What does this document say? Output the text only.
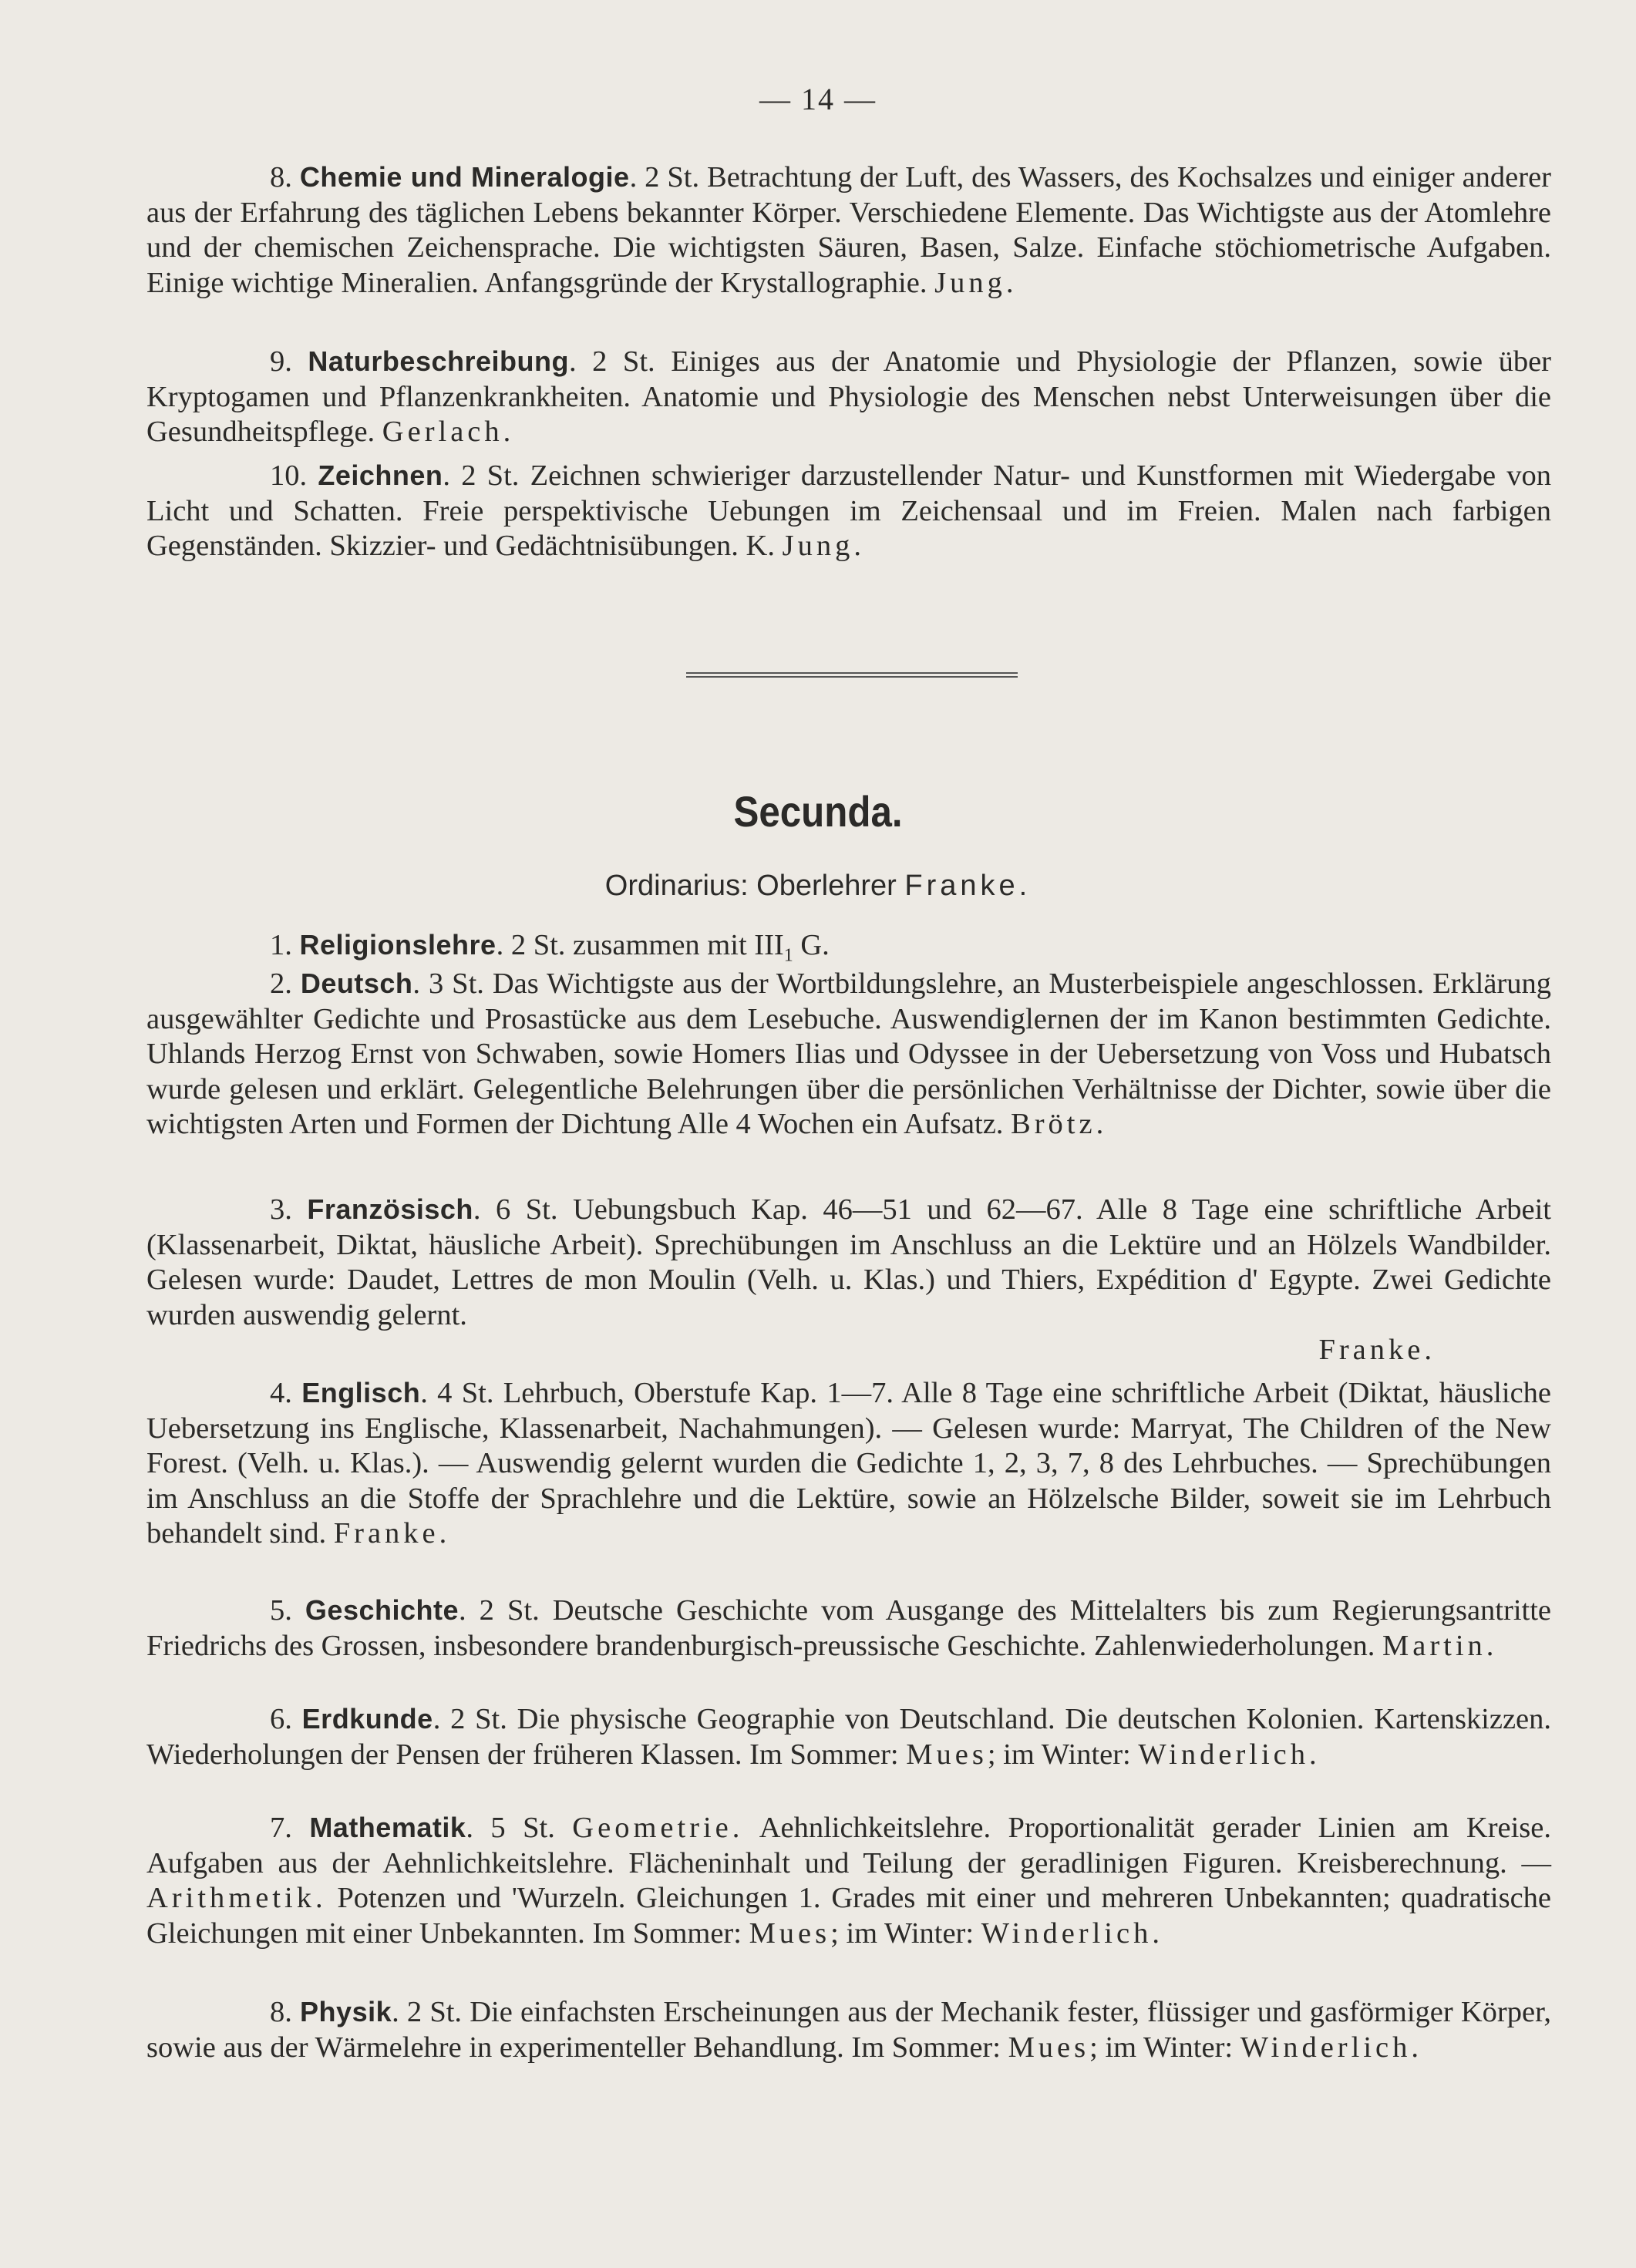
— 14 —

8. Chemie und Mineralogie. 2 St. Betrachtung der Luft, des Wassers, des Kochsalzes und einiger anderer aus der Erfahrung des täglichen Lebens bekannter Körper. Verschiedene Elemente. Das Wichtigste aus der Atomlehre und der chemischen Zeichensprache. Die wichtigsten Säuren, Basen, Salze. Einfache stöchiometrische Aufgaben. Einige wichtige Mineralien. Anfangsgründe der Krystallographie. Jung.

9. Naturbeschreibung. 2 St. Einiges aus der Anatomie und Physiologie der Pflanzen, sowie über Kryptogamen und Pflanzenkrankheiten. Anatomie und Physiologie des Menschen nebst Unterweisungen über die Gesundheitspflege. Gerlach.

10. Zeichnen. 2 St. Zeichnen schwieriger darzustellender Natur- und Kunstformen mit Wiedergabe von Licht und Schatten. Freie perspektivische Uebungen im Zeichensaal und im Freien. Malen nach farbigen Gegenständen. Skizzier- und Gedächtnisübungen. K. Jung.

Secunda.
Ordinarius: Oberlehrer Franke.

1. Religionslehre. 2 St. zusammen mit $III_1$ G.

2. Deutsch. 3 St. Das Wichtigste aus der Wortbildungslehre, an Musterbeispiele angeschlossen. Erklärung ausgewählter Gedichte und Prosastücke aus dem Lesebuche. Auswendiglernen der im Kanon bestimmten Gedichte. Uhlands Herzog Ernst von Schwaben, sowie Homers Ilias und Odyssee in der Uebersetzung von Voss und Hubatsch wurde gelesen und erklärt. Gelegentliche Belehrungen über die persönlichen Verhältnisse der Dichter, sowie über die wichtigsten Arten und Formen der Dichtung Alle 4 Wochen ein Aufsatz. Brötz.

3. Französisch. 6 St. Uebungsbuch Kap. 46—51 und 62—67. Alle 8 Tage eine schriftliche Arbeit (Klassenarbeit, Diktat, häusliche Arbeit). Sprechübungen im Anschluss an die Lektüre und an Hölzels Wandbilder. Gelesen wurde: Daudet, Lettres de mon Moulin (Velh. u. Klas.) und Thiers, Expédition d' Egypte. Zwei Gedichte wurden auswendig gelernt.
Franke.

4. Englisch. 4 St. Lehrbuch, Oberstufe Kap. 1—7. Alle 8 Tage eine schriftliche Arbeit (Diktat, häusliche Uebersetzung ins Englische, Klassenarbeit, Nachahmungen). — Gelesen wurde: Marryat, The Children of the New Forest. (Velh. u. Klas.). — Auswendig gelernt wurden die Gedichte 1, 2, 3, 7, 8 des Lehrbuches. — Sprechübungen im Anschluss an die Stoffe der Sprachlehre und die Lektüre, sowie an Hölzelsche Bilder, soweit sie im Lehrbuch behandelt sind. Franke.

5. Geschichte. 2 St. Deutsche Geschichte vom Ausgange des Mittelalters bis zum Regierungsantritte Friedrichs des Grossen, insbesondere brandenburgisch-preussische Geschichte. Zahlenwiederholungen. Martin.

6. Erdkunde. 2 St. Die physische Geographie von Deutschland. Die deutschen Kolonien. Kartenskizzen. Wiederholungen der Pensen der früheren Klassen. Im Sommer: Mues; im Winter: Winderlich.

7. Mathematik. 5 St. Geometrie. Aehnlichkeitslehre. Proportionalität gerader Linien am Kreise. Aufgaben aus der Aehnlichkeitslehre. Flächeninhalt und Teilung der geradlinigen Figuren. Kreisberechnung. — Arithmetik. Potenzen und 'Wurzeln. Gleichungen 1. Grades mit einer und mehreren Unbekannten; quadratische Gleichungen mit einer Unbekannten. Im Sommer: Mues; im Winter: Winderlich.

8. Physik. 2 St. Die einfachsten Erscheinungen aus der Mechanik fester, flüssiger und gasförmiger Körper, sowie aus der Wärmelehre in experimenteller Behandlung. Im Sommer: Mues; im Winter: Winderlich.
